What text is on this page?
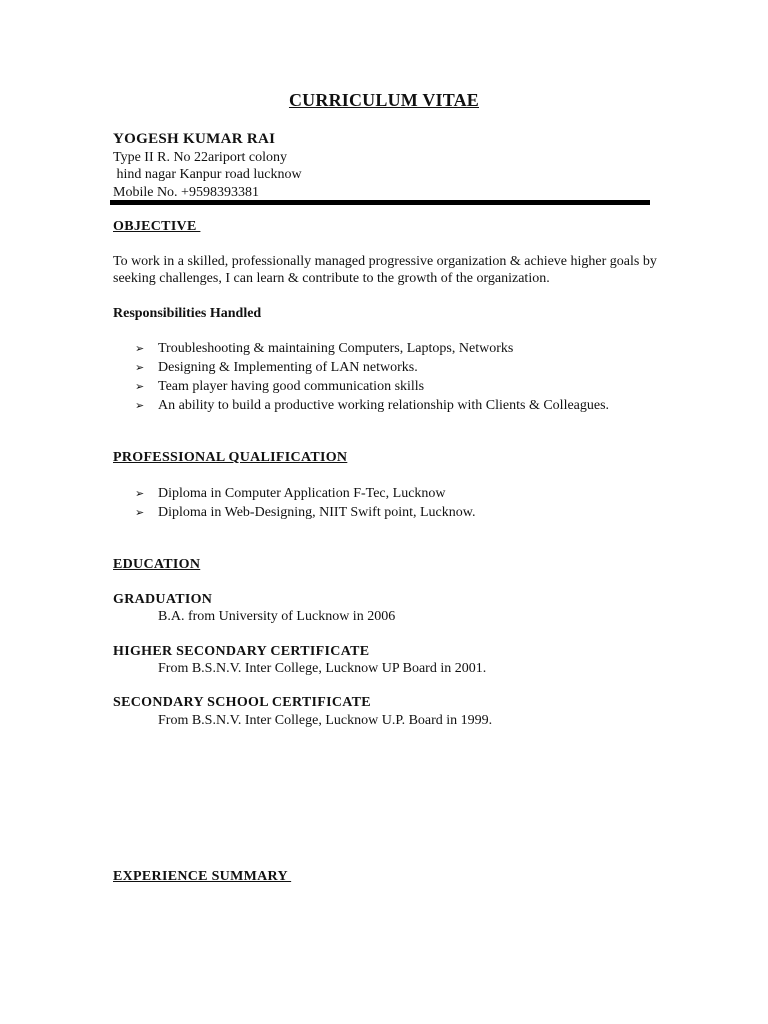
CURRICULUM VITAE
YOGESH KUMAR RAI
Type II R. No 22ariport colony
hind nagar Kanpur road lucknow
Mobile No. +9598393381
OBJECTIVE
To work in a skilled, professionally managed progressive organization & achieve higher goals by seeking challenges, I can learn & contribute to the growth of the organization.
Responsibilities Handled
➢ Troubleshooting & maintaining Computers, Laptops, Networks
➢ Designing & Implementing of LAN networks.
➢ Team player having good communication skills
➢ An ability to build a productive working relationship with Clients & Colleagues.
PROFESSIONAL QUALIFICATION
➢ Diploma in Computer Application F-Tec, Lucknow
➢ Diploma in Web-Designing, NIIT Swift point, Lucknow.
EDUCATION
GRADUATION
B.A. from University of Lucknow in 2006
HIGHER SECONDARY CERTIFICATE
From B.S.N.V. Inter College, Lucknow UP Board in 2001.
SECONDARY SCHOOL CERTIFICATE
From B.S.N.V. Inter College, Lucknow U.P. Board in 1999.
EXPERIENCE SUMMARY
